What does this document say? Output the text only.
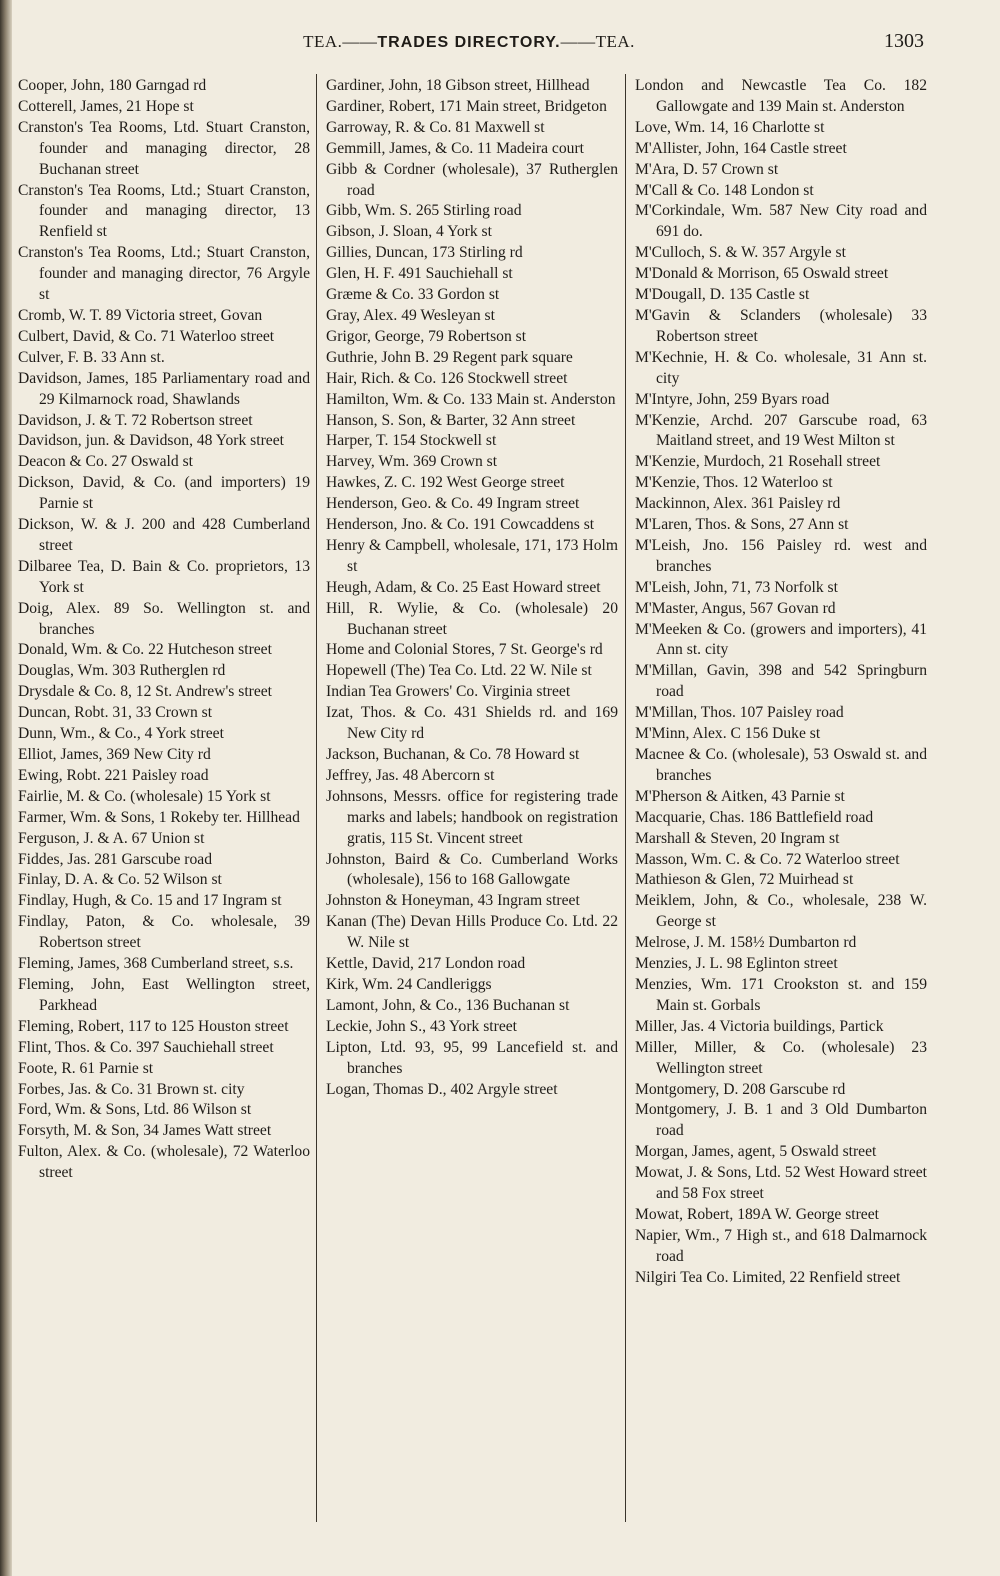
TEA.——TRADES DIRECTORY.——TEA.	1303

Cooper, John, 180 Garngad rd

Cotterell, James, 21 Hope st

Cranston's Tea Rooms, Ltd. Stuart Cranston, founder and managing director, 28 Buchanan street

Cranston's Tea Rooms, Ltd.; Stuart Cranston, founder and managing director, 13 Renfield st

Cranston's Tea Rooms, Ltd.; Stuart Cranston, founder and managing director, 76 Argyle st

Cromb, W. T. 89 Victoria street, Govan

Culbert, David, & Co. 71 Waterloo street

Culver, F. B. 33 Ann st.

Davidson, James, 185 Parliamentary road and 29 Kilmarnock road, Shawlands

Davidson, J. & T. 72 Robertson street

Davidson, jun. & Davidson, 48 York street

Deacon & Co. 27 Oswald st

Dickson, David, & Co. (and importers) 19 Parnie st

Dickson, W. & J. 200 and 428 Cumberland street

Dilbaree Tea, D. Bain & Co. proprietors, 13 York st

Doig, Alex. 89 So. Wellington st. and branches

Donald, Wm. & Co. 22 Hutcheson street

Douglas, Wm. 303 Rutherglen rd

Drysdale & Co. 8, 12 St. Andrew's street

Duncan, Robt. 31, 33 Crown st

Dunn, Wm., & Co., 4 York street

Elliot, James, 369 New City rd

Ewing, Robt. 221 Paisley road

Fairlie, M. & Co. (wholesale) 15 York st

Farmer, Wm. & Sons, 1 Rokeby ter. Hillhead

Ferguson, J. & A. 67 Union st

Fiddes, Jas. 281 Garscube road

Finlay, D. A. & Co. 52 Wilson st

Findlay, Hugh, & Co. 15 and 17 Ingram st

Findlay, Paton, & Co. wholesale, 39 Robertson street

Fleming, James, 368 Cumberland street, s.s.

Fleming, John, East Wellington street, Parkhead

Fleming, Robert, 117 to 125 Houston street

Flint, Thos. & Co. 397 Sauchiehall street

Foote, R. 61 Parnie st

Forbes, Jas. & Co. 31 Brown st. city

Ford, Wm. & Sons, Ltd. 86 Wilson st

Forsyth, M. & Son, 34 James Watt street

Fulton, Alex. & Co. (wholesale), 72 Waterloo street

Gardiner, John, 18 Gibson street, Hillhead

Gardiner, Robert, 171 Main street, Bridgeton

Garroway, R. & Co. 81 Maxwell st

Gemmill, James, & Co. 11 Madeira court

Gibb & Cordner (wholesale), 37 Rutherglen road

Gibb, Wm. S. 265 Stirling road

Gibson, J. Sloan, 4 York st

Gillies, Duncan, 173 Stirling rd

Glen, H. F. 491 Sauchiehall st

Græme & Co. 33 Gordon st

Gray, Alex. 49 Wesleyan st

Grigor, George, 79 Robertson st

Guthrie, John B. 29 Regent park square

Hair, Rich. & Co. 126 Stockwell street

Hamilton, Wm. & Co. 133 Main st. Anderston

Hanson, S. Son, & Barter, 32 Ann street

Harper, T. 154 Stockwell st

Harvey, Wm. 369 Crown st

Hawkes, Z. C. 192 West George street

Henderson, Geo. & Co. 49 Ingram street

Henderson, Jno. & Co. 191 Cowcaddens st

Henry & Campbell, wholesale, 171, 173 Holm st

Heugh, Adam, & Co. 25 East Howard street

Hill, R. Wylie, & Co. (wholesale) 20 Buchanan street

Home and Colonial Stores, 7 St. George's rd

Hopewell (The) Tea Co. Ltd. 22 W. Nile st

Indian Tea Growers' Co. Virginia street

Izat, Thos. & Co. 431 Shields rd. and 169 New City rd

Jackson, Buchanan, & Co. 78 Howard st

Jeffrey, Jas. 48 Abercorn st

Johnsons, Messrs. office for registering trade marks and labels; handbook on registration gratis, 115 St. Vincent street

Johnston, Baird & Co. Cumberland Works (wholesale), 156 to 168 Gallowgate

Johnston & Honeyman, 43 Ingram street

Kanan (The) Devan Hills Produce Co. Ltd. 22 W. Nile st

Kettle, David, 217 London road

Kirk, Wm. 24 Candleriggs

Lamont, John, & Co., 136 Buchanan st

Leckie, John S., 43 York street

Lipton, Ltd. 93, 95, 99 Lancefield st. and branches

Logan, Thomas D., 402 Argyle street

London and Newcastle Tea Co. 182 Gallowgate and 139 Main st. Anderston

Love, Wm. 14, 16 Charlotte st

M'Allister, John, 164 Castle street

M'Ara, D. 57 Crown st

M'Call & Co. 148 London st

M'Corkindale, Wm. 587 New City road and 691 do.

M'Culloch, S. & W. 357 Argyle st

M'Donald & Morrison, 65 Oswald street

M'Dougall, D. 135 Castle st

M'Gavin & Sclanders (wholesale) 33 Robertson street

M'Kechnie, H. & Co. wholesale, 31 Ann st. city

M'Intyre, John, 259 Byars road

M'Kenzie, Archd. 207 Garscube road, 63 Maitland street, and 19 West Milton st

M'Kenzie, Murdoch, 21 Rosehall street

M'Kenzie, Thos. 12 Waterloo st

Mackinnon, Alex. 361 Paisley rd

M'Laren, Thos. & Sons, 27 Ann st

M'Leish, Jno. 156 Paisley rd. west and branches

M'Leish, John, 71, 73 Norfolk st

M'Master, Angus, 567 Govan rd

M'Meeken & Co. (growers and importers), 41 Ann st. city

M'Millan, Gavin, 398 and 542 Springburn road

M'Millan, Thos. 107 Paisley road

M'Minn, Alex. C 156 Duke st

Macnee & Co. (wholesale), 53 Oswald st. and branches

M'Pherson & Aitken, 43 Parnie st

Macquarie, Chas. 186 Battlefield road

Marshall & Steven, 20 Ingram st

Masson, Wm. C. & Co. 72 Waterloo street

Mathieson & Glen, 72 Muirhead st

Meiklem, John, & Co., wholesale, 238 W. George st

Melrose, J. M. 158½ Dumbarton rd

Menzies, J. L. 98 Eglinton street

Menzies, Wm. 171 Crookston st. and 159 Main st. Gorbals

Miller, Jas. 4 Victoria buildings, Partick

Miller, Miller, & Co. (wholesale) 23 Wellington street

Montgomery, D. 208 Garscube rd

Montgomery, J. B. 1 and 3 Old Dumbarton road

Morgan, James, agent, 5 Oswald street

Mowat, J. & Sons, Ltd. 52 West Howard street and 58 Fox street

Mowat, Robert, 189A W. George street

Napier, Wm., 7 High st., and 618 Dalmarnock road

Nilgiri Tea Co. Limited, 22 Renfield street
